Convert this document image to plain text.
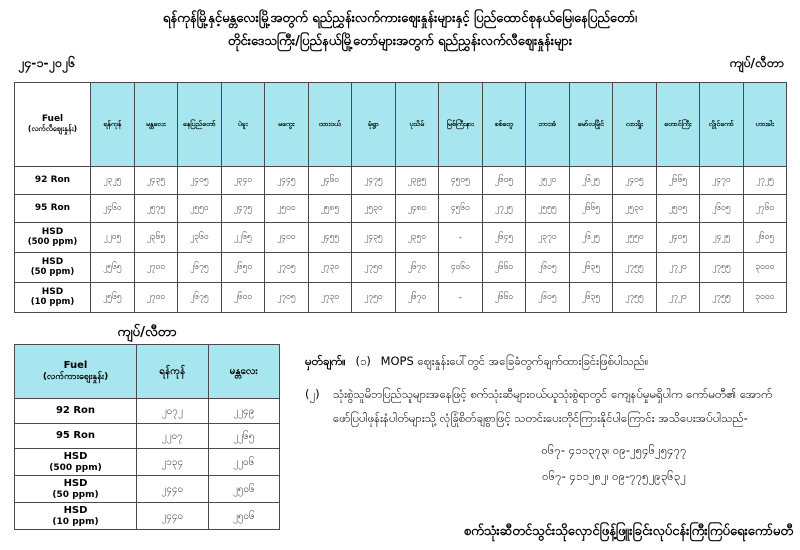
ရန်ကုန်မြို့နှင့်မန္တလေးမြို့အတွက် ရည်ညွှန်းလက်ကားဈေးနှုန်းများနှင့် ပြည်ထောင်စုနယ်မြေ၊နေပြည်တော်၊
တိုင်းဒေသကြီး/ပြည်နယ်မြို့တော်များအတွက် ရည်ညွှန်းလက်လီဈေးနှုန်းများ
၂၄-၁-၂၀၂၆	ကျပ်/လီတာ
Fuel
(လက်လီဈေးနှုန်း)	ရန်ကုန်	မန္တလေး	နေပြည်တော်	ပဲခူး	မကွေး	ထားဝယ်	မုံရွာ	ပုသိမ်	မြစ်ကြီးနား	စစ်တွေ	ဘားအံ	မော်လမြိုင်	လားရှိုး	တောင်ကြီး	လွိုင်ကော်	ဟားခါး

92 Ron	၂၃၂၅	၂၄၃၅	၂၄၀၅	၂၃၄၀	၂၄၄၅	၂၄၆၀	၂၄၇၅	၂၃၉၅	၄၅၀၅	၂၆၀၅	၂၅၂၀	၂၆၂၅	၂၄၀၅	၂၆၆၅	၂၄၇၀	၂၇၂၅

95 Ron	၂၄၆၀	၂၅၇၅	၂၅၅၀	၂၄၇၅	၂၅၀၀	၂၅၈၅	၂၅၃၀	၂၄၈၀	၄၅၆၀	၂၇၂၅	၂၅၅၅	၂၆၆၅	၂၅၃၀	၂၅၀၅	၂၆၀၅	၂၇၆၀

HSD
(500 ppm)	၂၂၀၅	၂၃၆၅	၂၃၆၀	၂၂၆၅	၂၄၀၀	၂၄၅၅	၂၄၃၅	၂၃၅၀	-	၂၆၄၅	၂၃၇၀	၂၆၂၅	၂၅၅၀	၂၄၀၅	၂၄၂၅	၂၆၀၅

HSD
(50 ppm)	၂၅၆၅	၂၇၀၀	၂၆၇၅	၂၆၅၀	၂၇၀၅	၂၇၃၀	၂၇၅၀	၂၆၇၀	၄၀၆၀	၂၆၆၀	၂၆၀၅	၂၆၃၅	၂၇၅၅	၂၇၂၀	၂၇၅၅	၃၀၀၀

HSD
(10 ppm)	၂၅၆၅	၂၇၀၀	၂၆၇၅	၂၆၀၀	၂၇၀၅	၂၇၃၀	၂၇၅၀	၂၆၇၀	-	၂၆၆၀	၂၆၀၅	၂၆၃၅	၂၇၅၅	၂၇၂၀	၂၇၅၅	၃၀၀၀
ကျပ်/လီတာ
Fuel
(လက်ကားဈေးနှုန်း)	ရန်ကုန်	မန္တလေး

92 Ron	၂၀၇၂	၂၂၄၉

95 Ron	၂၂၀၇	၂၂၆၅

HSD
(500 ppm)	၂၁၃၄	၂၂၀၆

HSD
(50 ppm)	၂၄၄၀	၂၅၀၆

HSD
(10 ppm)	၂၄၄၀	၂၅၀၆
မှတ်ချက်။ (၁) MOPS ဈေးနှုန်းပေါ်တွင် အခြေခံတွက်ချက်ထားခြင်းဖြစ်ပါသည်။
(၂)	သုံးစွဲသူမိဘပြည်သူများအနေဖြင့် စက်သုံးဆီများဝယ်ယူသုံးစွဲရာတွင် ကျေနပ်မှုမရှိပါက ကော်မတီ၏ အောက်ဖော်ပြပါဖုန်းနံပါတ်များသို့ လုံခြုံစိတ်ချစွာဖြင့် သတင်းပေးတိုင်ကြားနိုင်ပါကြောင်း အသိပေးအပ်ပါသည်-
၀၆၇- ၄၁၁၃၇၃၊ ၀၉-၂၅၄၆၂၅၄၇၇
၀၆၇- ၄၁၁၂၈၂၊ ၀၉-၇၇၅၂၉၃၆၃၂
စက်သုံးဆီတင်သွင်းသိုလှောင်ဖြန့်ဖြူးခြင်းလုပ်ငန်းကြီးကြပ်ရေးကော်မတီ
